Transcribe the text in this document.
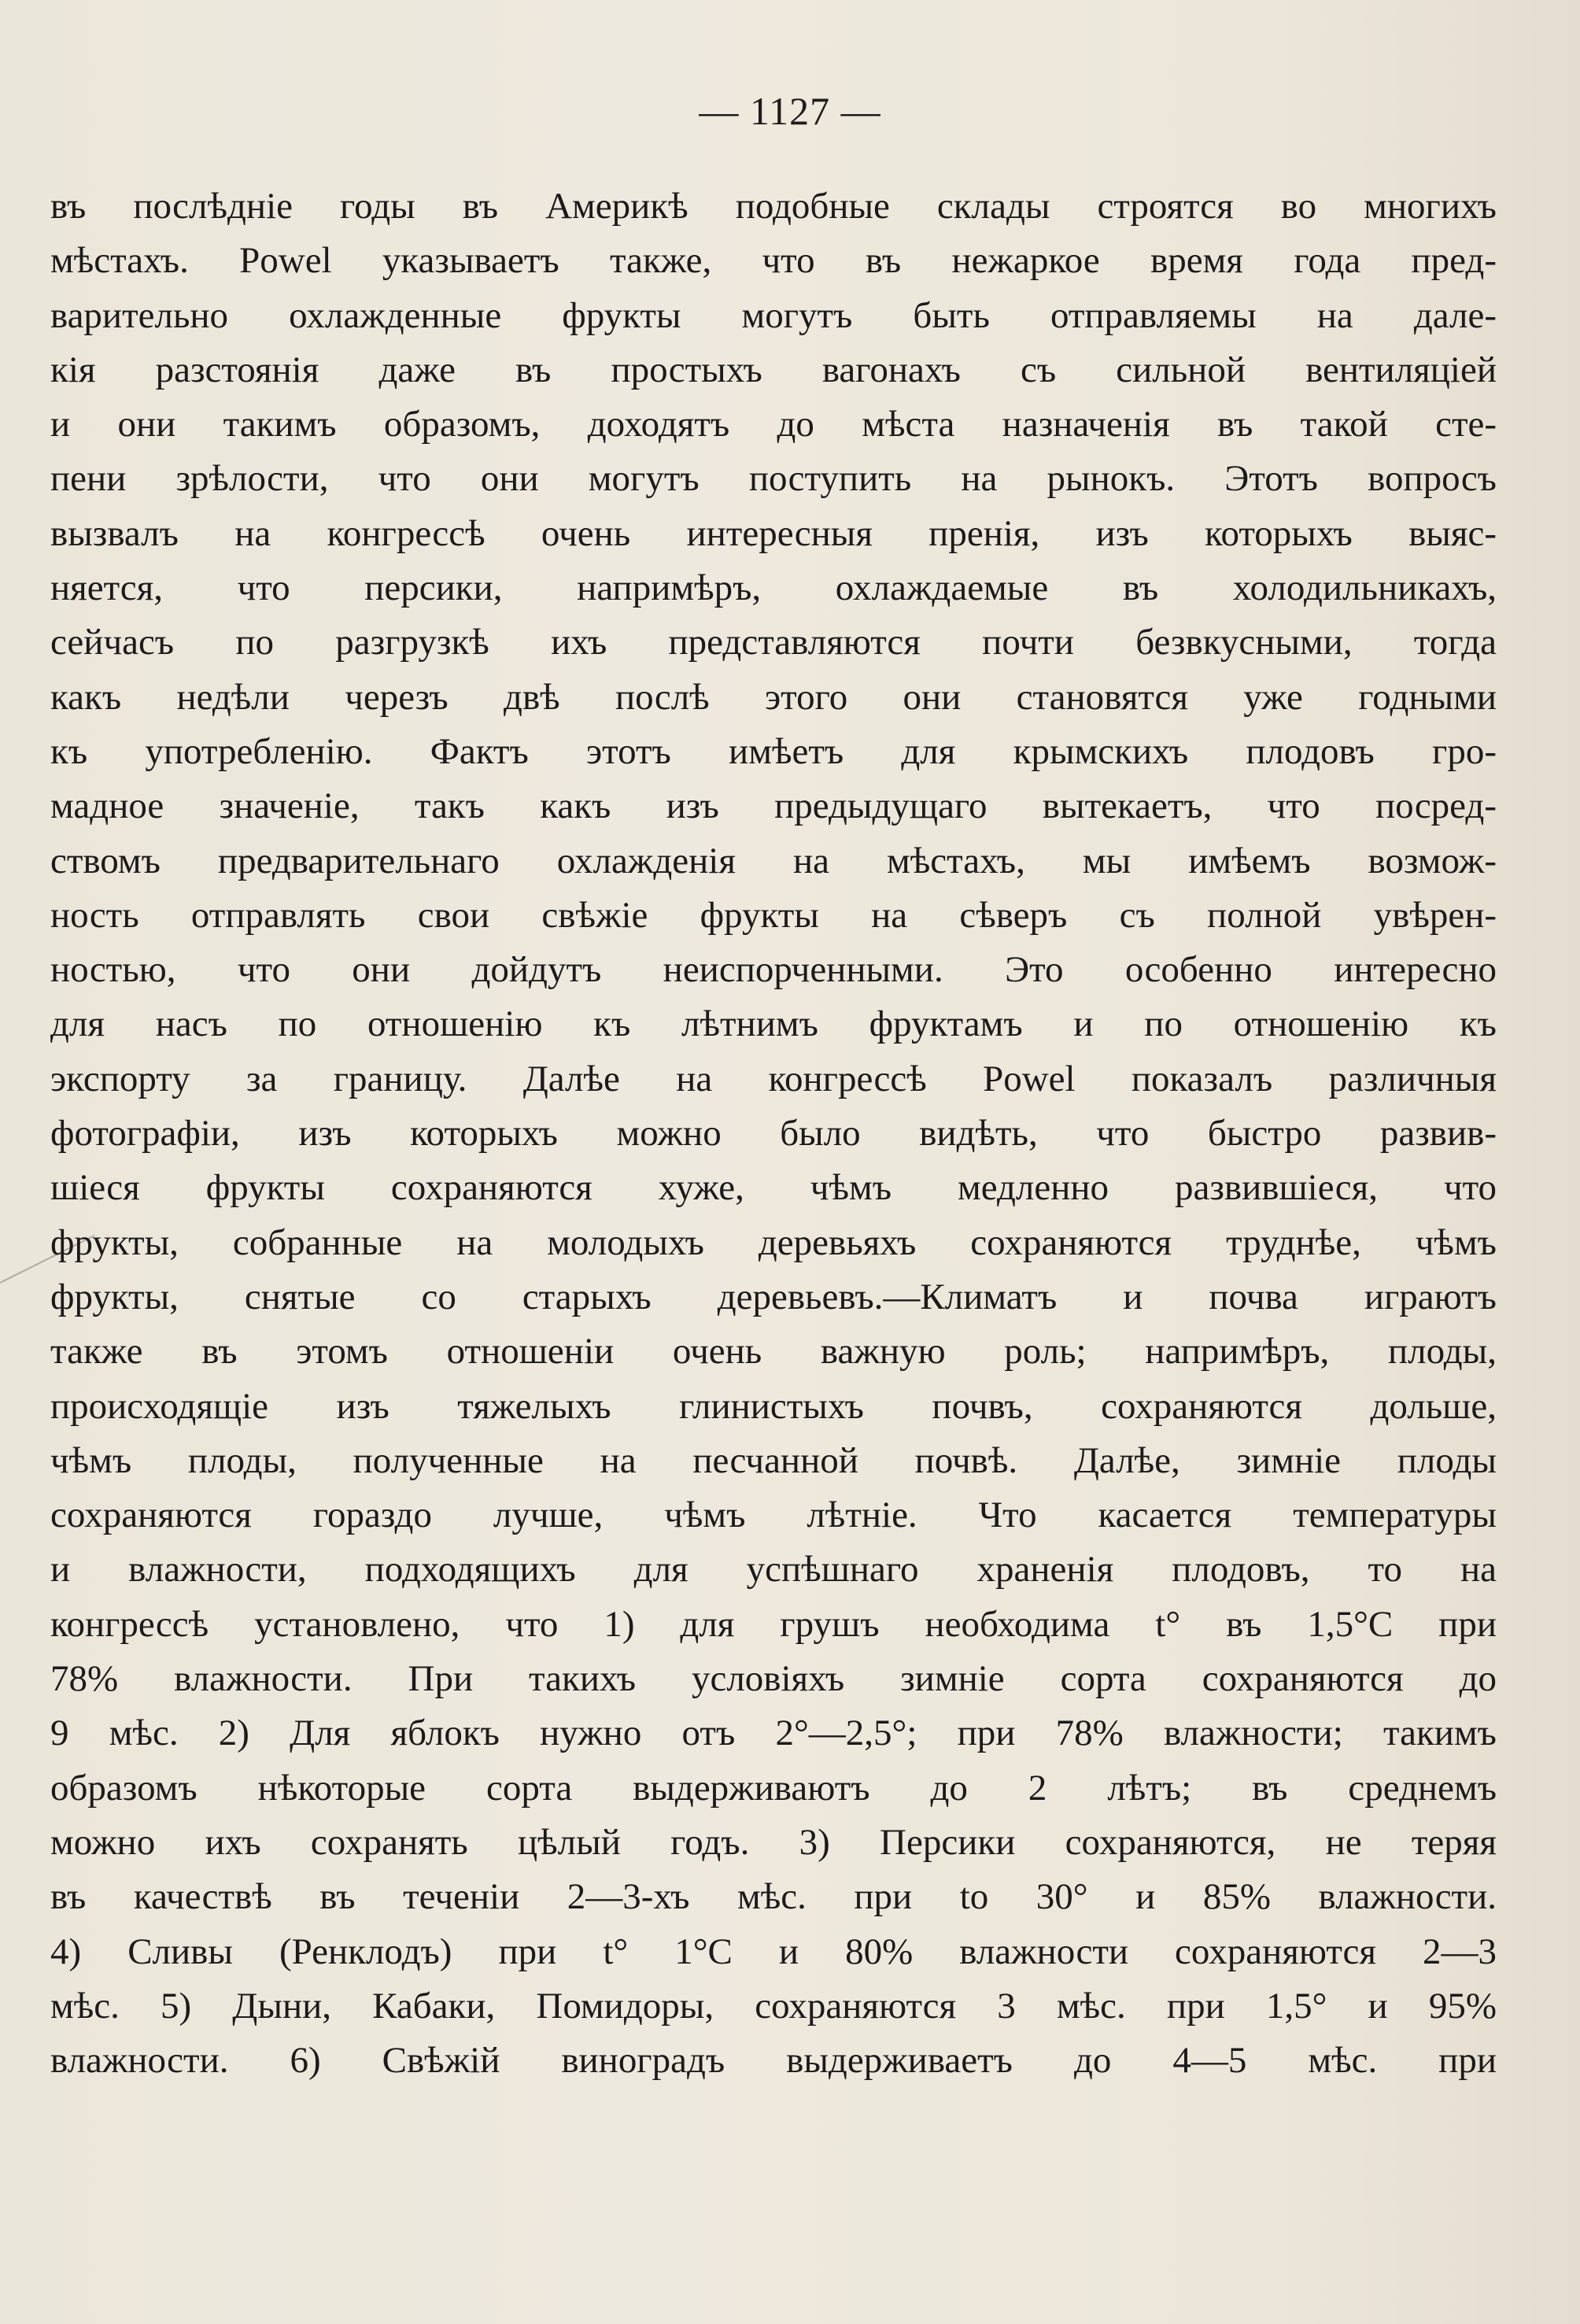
— 1127 —
въ послѣдніе годы въ Америкѣ подобные склады строятся во многихъ
мѣстахъ. Powel указываетъ также, что въ нежаркое время года пред-
варительно охлажденные фрукты могутъ быть отправляемы на дале-
кія разстоянія даже въ простыхъ вагонахъ съ сильной вентиляціей
и они такимъ образомъ, доходятъ до мѣста назначенія въ такой сте-
пени зрѣлости, что они могутъ поступить на рынокъ. Этотъ вопросъ
вызвалъ на конгрессѣ очень интересныя пренія, изъ которыхъ выяс-
няется, что персики, напримѣръ, охлаждаемые въ холодильникахъ,
сейчасъ по разгрузкѣ ихъ представляются почти безвкусными, тогда
какъ недѣли черезъ двѣ послѣ этого они становятся уже годными
къ употребленію. Фактъ этотъ имѣетъ для крымскихъ плодовъ гро-
мадное значеніе, такъ какъ изъ предыдущаго вытекаетъ, что посред-
ствомъ предварительнаго охлажденія на мѣстахъ, мы имѣемъ возмож-
ность отправлять свои свѣжіе фрукты на сѣверъ съ полной увѣрен-
ностью, что они дойдутъ неиспорченными. Это особенно интересно
для насъ по отношенію къ лѣтнимъ фруктамъ и по отношенію къ
экспорту за границу. Далѣе на конгрессѣ Powel показалъ различныя
фотографіи, изъ которыхъ можно было видѣть, что быстро развив-
шіеся фрукты сохраняются хуже, чѣмъ медленно развившіеся, что
фрукты, собранные на молодыхъ деревьяхъ сохраняются труднѣе, чѣмъ
фрукты, снятые со старыхъ деревьевъ.—Климатъ и почва играютъ
также въ этомъ отношеніи очень важную роль; напримѣръ, плоды,
происходящіе изъ тяжелыхъ глинистыхъ почвъ, сохраняются дольше,
чѣмъ плоды, полученные на песчанной почвѣ. Далѣе, зимніе плоды
сохраняются гораздо лучше, чѣмъ лѣтніе. Что касается температуры
и влажности, подходящихъ для успѣшнаго храненія плодовъ, то на
конгрессѣ установлено, что 1) для грушъ необходима t° въ 1,5°C при
78% влажности. При такихъ условіяхъ зимніе сорта сохраняются до
9 мѣс. 2) Для яблокъ нужно отъ 2°—2,5°; при 78% влажности; такимъ
образомъ нѣкоторые сорта выдерживаютъ до 2 лѣтъ; въ среднемъ
можно ихъ сохранять цѣлый годъ. 3) Персики сохраняются, не теряя
въ качествѣ въ теченіи 2—3-хъ мѣс. при to 30° и 85% влажности.
4) Сливы (Ренклодъ) при t° 1°C и 80% влажности сохраняются 2—3
мѣс. 5) Дыни, Кабаки, Помидоры, сохраняются 3 мѣс. при 1,5° и 95%
влажности. 6) Свѣжій виноградъ выдерживаетъ до 4—5 мѣс. при
